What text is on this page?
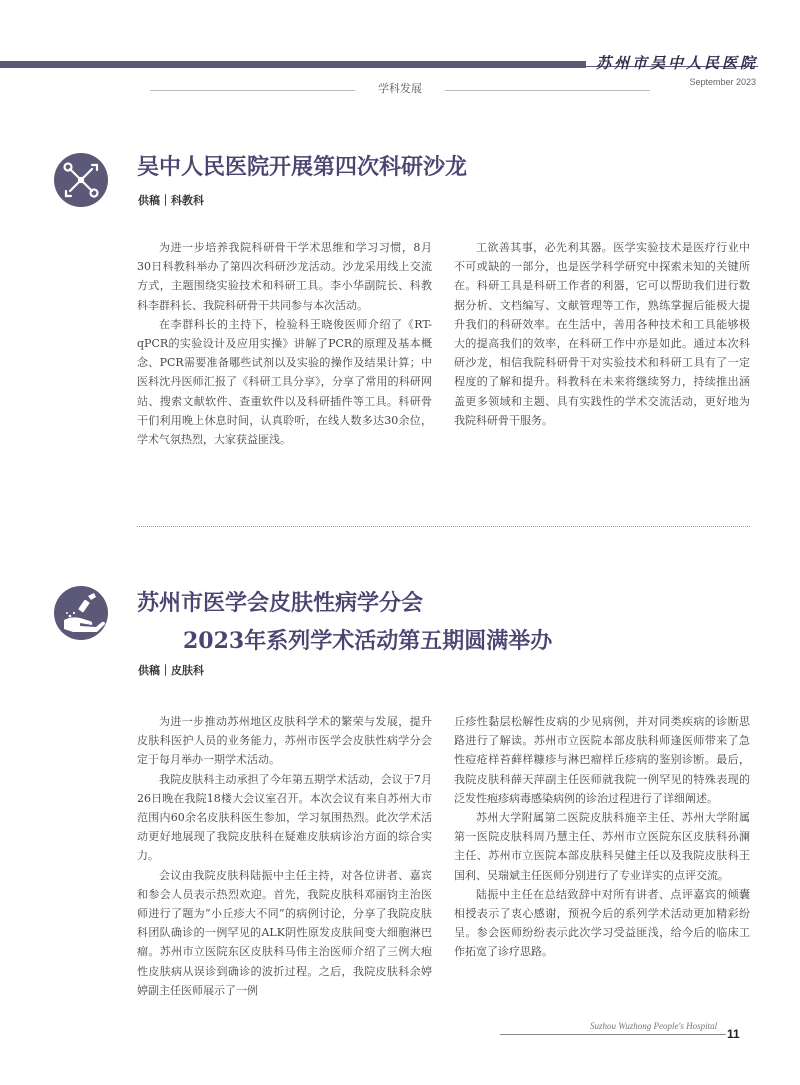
苏州市吴中人民医院
September 2023
学科发展
吴中人民医院开展第四次科研沙龙
供稿｜科教科

为进一步培养我院科研骨干学术思维和学习习惯，8月30日科教科举办了第四次科研沙龙活动。沙龙采用线上交流方式，主题围绕实验技术和科研工具。李小华副院长、科教科李群科长、我院科研骨干共同参与本次活动。

在李群科长的主持下，检验科王晓俊医师介绍了《RT-qPCR的实验设计及应用实操》讲解了PCR的原理及基本概念、PCR需要准备哪些试剂以及实验的操作及结果计算；中医科沈丹医师汇报了《科研工具分享》，分享了常用的科研网站、搜索文献软件、查重软件以及科研插件等工具。科研骨干们利用晚上休息时间，认真聆听，在线人数多达30余位，学术气氛热烈，大家获益匪浅。

工欲善其事，必先利其器。医学实验技术是医疗行业中不可或缺的一部分，也是医学科学研究中探索未知的关键所在。科研工具是科研工作者的利器，它可以帮助我们进行数据分析、文档编写、文献管理等工作，熟练掌握后能极大提升我们的科研效率。在生活中，善用各种技术和工具能够极大的提高我们的效率，在科研工作中亦是如此。通过本次科研沙龙，相信我院科研骨干对实验技术和科研工具有了一定程度的了解和提升。科教科在未来将继续努力，持续推出涵盖更多领域和主题、具有实践性的学术交流活动，更好地为我院科研骨干服务。

苏州市医学会皮肤性病学分会
2023年系列学术活动第五期圆满举办
供稿｜皮肤科

为进一步推动苏州地区皮肤科学术的繁荣与发展，提升皮肤科医护人员的业务能力，苏州市医学会皮肤性病学分会定于每月举办一期学术活动。

我院皮肤科主动承担了今年第五期学术活动，会议于7月26日晚在我院18楼大会议室召开。本次会议有来自苏州大市范围内60余名皮肤科医生参加，学习氛围热烈。此次学术活动更好地展现了我院皮肤科在疑难皮肤病诊治方面的综合实力。

会议由我院皮肤科陆振中主任主持，对各位讲者、嘉宾和参会人员表示热烈欢迎。首先，我院皮肤科邓丽钧主治医师进行了题为“小丘疹大不同”的病例讨论，分享了我院皮肤科团队确诊的一例罕见的ALK阴性原发皮肤间变大细胞淋巴瘤。苏州市立医院东区皮肤科马伟主治医师介绍了三例大疱性皮肤病从误诊到确诊的波折过程。之后，我院皮肤科余婷婷副主任医师展示了一例

丘疹性黏层松解性皮病的少见病例，并对同类疾病的诊断思路进行了解读。苏州市立医院本部皮肤科师逢医师带来了急性痘疮样苔藓样糠疹与淋巴瘤样丘疹病的鉴别诊断。最后，我院皮肤科薛天萍副主任医师就我院一例罕见的特殊表现的泛发性疱疹病毒感染病例的诊治过程进行了详细阐述。

苏州大学附属第二医院皮肤科施辛主任、苏州大学附属第一医院皮肤科周乃慧主任、苏州市立医院东区皮肤科孙澜主任、苏州市立医院本部皮肤科吴健主任以及我院皮肤科王国利、吴瑞斌主任医师分别进行了专业详实的点评交流。

陆振中主任在总结致辞中对所有讲者、点评嘉宾的倾囊相授表示了衷心感谢，预祝今后的系列学术活动更加精彩纷呈。参会医师纷纷表示此次学习受益匪浅，给今后的临床工作拓宽了诊疗思路。

Suzhou Wuzhong People's Hospital
11
